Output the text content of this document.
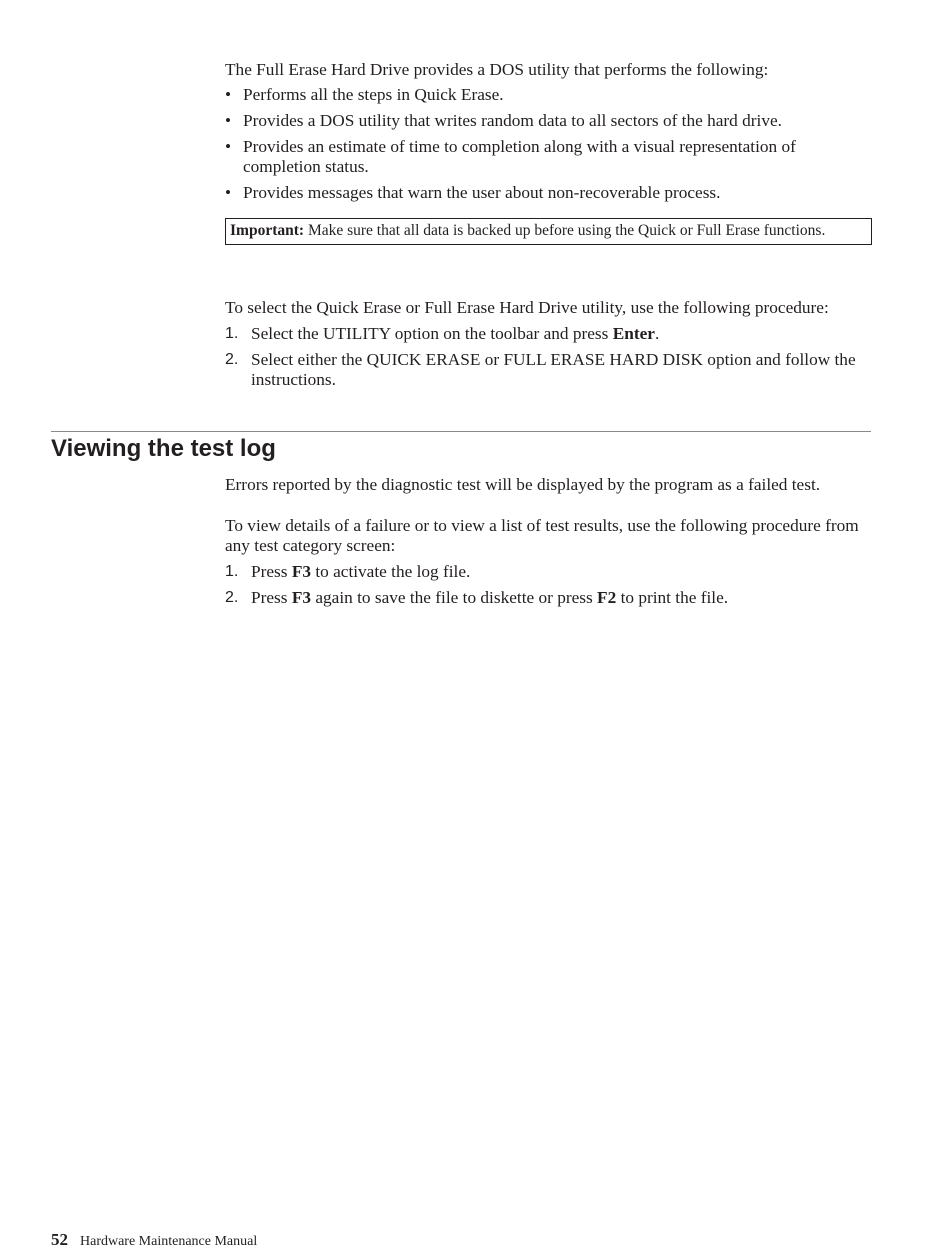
The Full Erase Hard Drive provides a DOS utility that performs the following:

• Performs all the steps in Quick Erase.
• Provides a DOS utility that writes random data to all sectors of the hard drive.
• Provides an estimate of time to completion along with a visual representation of completion status.
• Provides messages that warn the user about non-recoverable process.
Important: Make sure that all data is backed up before using the Quick or Full Erase functions.

To select the Quick Erase or Full Erase Hard Drive utility, use the following procedure:

1. Select the UTILITY option on the toolbar and press Enter.
2. Select either the QUICK ERASE or FULL ERASE HARD DISK option and follow the instructions.
Viewing the test log

Errors reported by the diagnostic test will be displayed by the program as a failed test.

To view details of a failure or to view a list of test results, use the following procedure from any test category screen:

1. Press F3 to activate the log file.
2. Press F3 again to save the file to diskette or press F2 to print the file.
52 Hardware Maintenance Manual
